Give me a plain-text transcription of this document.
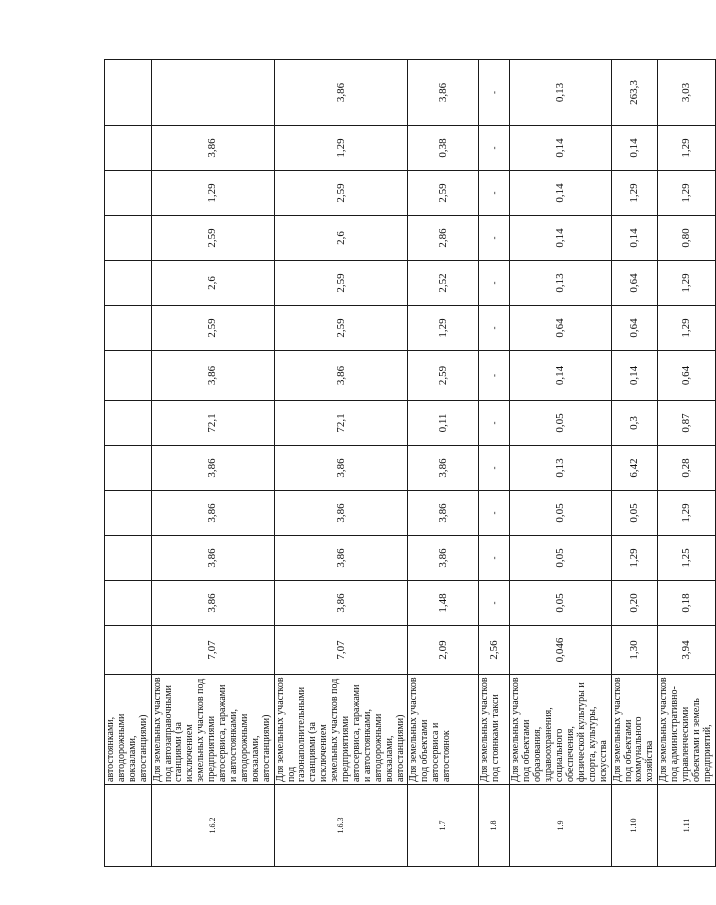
	автостоянками, автодорожными вокзалами, автостанциями)													
1.6.2	Для земельных участков под автозаправочными станциями (за исключением земельных участков под предприятиями автосервиса, гаражами и автостоянками, автодорожными вокзалами, автостанциями)	7,07	3,86	3,86	3,86	3,86	72,1	3,86	2,59	2,6	2,59	1,29	3,86	
1.6.3	Для земельных участков под газонаполнительными станциями (за исключением земельных участков под предприятиями автосервиса, гаражами и автостоянками, автодорожными вокзалами, автостанциями)	7,07	3,86	3,86	3,86	3,86	72,1	3,86	2,59	2,59	2,6	2,59	1,29	3,86
1.7	Для земельных участков под объектами автосервиса и автостоянок	2,09	1,48	3,86	3,86	3,86	0,11	2,59	1,29	2,52	2,86	2,59	0,38	3,86
1.8	Для земельных участков под стоянками такси	2,56	-	-	-	-	-	-	-	-	-	-	-	-
1.9	Для земельных участков под объектами образования, здравоохранения, социального обеспечения, физической культуры и спорта, культуры, искусства	0,046	0,05	0,05	0,05	0,13	0,05	0,14	0,64	0,13	0,14	0,14	0,14	0,13
1.10	Для земельных участков под объектами коммунального хозяйства	1,30	0,20	1,29	0,05	6,42	0,3	0,14	0,64	0,64	0,14	1,29	0,14	263,3
1.11	Для земельных участков под административно-управленческими объектами и земель предприятий,	3,94	0,18	1,25	1,29	0,28	0,87	0,64	1,29	1,29	0,80	1,29	1,29	3,03
